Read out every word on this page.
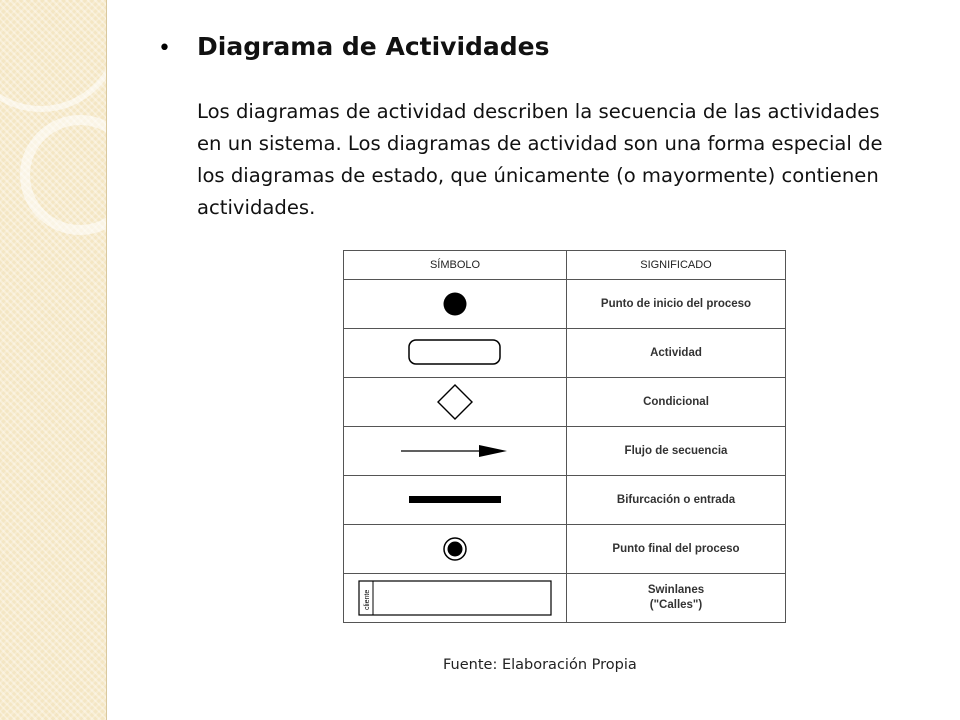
• Diagrama de Actividades

Los diagramas de actividad describen la secuencia de las actividades en un sistema. Los diagramas de actividad son una forma especial de los diagramas de estado, que únicamente (o mayormente) contienen actividades.

SÍMBOLO	SIGNIFICADO

	Punto de inicio del proceso

	Actividad

	Condicional

	Flujo de secuencia

	Bifurcación o entrada

	Punto final del proceso

cliente	Swinlanes
("Calles")
Fuente: Elaboración Propia
